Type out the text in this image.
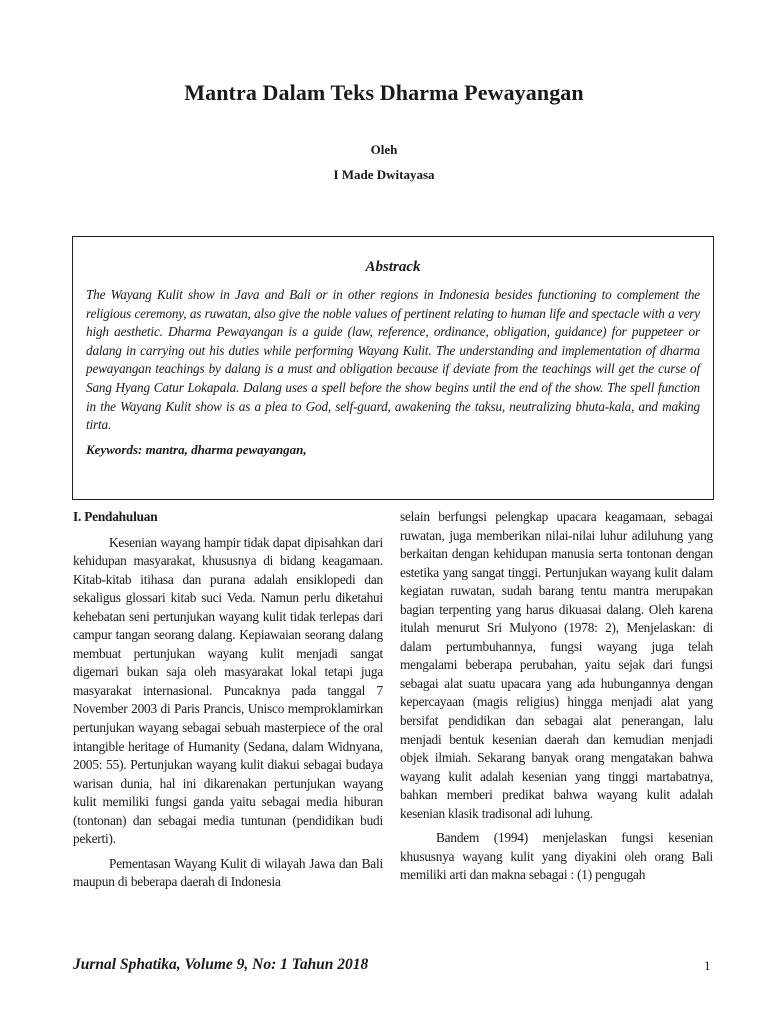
Mantra Dalam Teks Dharma Pewayangan
Oleh
I Made Dwitayasa
Abstrack

The Wayang Kulit show in Java and Bali or in other regions in Indonesia besides functioning to complement the religious ceremony, as ruwatan, also give the noble values of pertinent relating to human life and spectacle with a very high aesthetic. Dharma Pewayangan is a guide (law, reference, ordinance, obligation, guidance) for puppeteer or dalang in carrying out his duties while performing Wayang Kulit. The understanding and implementation of dharma pewayangan teachings by dalang is a must and obligation because if deviate from the teachings will get the curse of Sang Hyang Catur Lokapala. Dalang uses a spell before the show begins until the end of the show. The spell function in the Wayang Kulit show is as a plea to God, self-guard, awakening the taksu, neutralizing bhuta-kala, and making tirta.

Keywords: mantra, dharma pewayangan,
I. Pendahuluan

Kesenian wayang hampir tidak dapat dipisahkan dari kehidupan masyarakat, khususnya di bidang keagamaan. Kitab-kitab itihasa dan purana adalah ensiklopedi dan sekaligus glossari kitab suci Veda. Namun perlu diketahui kehebatan seni pertunjukan wayang kulit tidak terlepas dari campur tangan seorang dalang. Kepiawaian seorang dalang membuat pertunjukan wayang kulit menjadi sangat digemari bukan saja oleh masyarakat lokal tetapi juga masyarakat internasional. Puncaknya pada tanggal 7 November 2003 di Paris Prancis, Unisco memproklamirkan pertunjukan wayang sebagai sebuah masterpiece of the oral intangible heritage of Humanity (Sedana, dalam Widnyana, 2005: 55). Pertunjukan wayang kulit diakui sebagai budaya warisan dunia, hal ini dikarenakan pertunjukan wayang kulit memiliki fungsi ganda yaitu sebagai media hiburan (tontonan) dan sebagai media tuntunan (pendidikan budi pekerti).

Pementasan Wayang Kulit di wilayah Jawa dan Bali maupun di beberapa daerah di Indonesia

selain berfungsi pelengkap upacara keagamaan, sebagai ruwatan, juga memberikan nilai-nilai luhur adiluhung yang berkaitan dengan kehidupan manusia serta tontonan dengan estetika yang sangat tinggi. Pertunjukan wayang kulit dalam kegiatan ruwatan, sudah barang tentu mantra merupakan bagian terpenting yang harus dikuasai dalang. Oleh karena itulah menurut Sri Mulyono (1978: 2), Menjelaskan: di dalam pertumbuhannya, fungsi wayang juga telah mengalami beberapa perubahan, yaitu sejak dari fungsi sebagai alat suatu upacara yang ada hubungannya dengan kepercayaan (magis religius) hingga menjadi alat yang bersifat pendidikan dan sebagai alat penerangan, lalu menjadi bentuk kesenian daerah dan kemudian menjadi objek ilmiah. Sekarang banyak orang mengatakan bahwa wayang kulit adalah kesenian yang tinggi martabatnya, bahkan memberi predikat bahwa wayang kulit adalah kesenian klasik tradisonal adi luhung.

Bandem (1994) menjelaskan fungsi kesenian khususnya wayang kulit yang diyakini oleh orang Bali memiliki arti dan makna sebagai : (1) pengugah

Jurnal Sphatika, Volume 9, No: 1 Tahun 2018	1
